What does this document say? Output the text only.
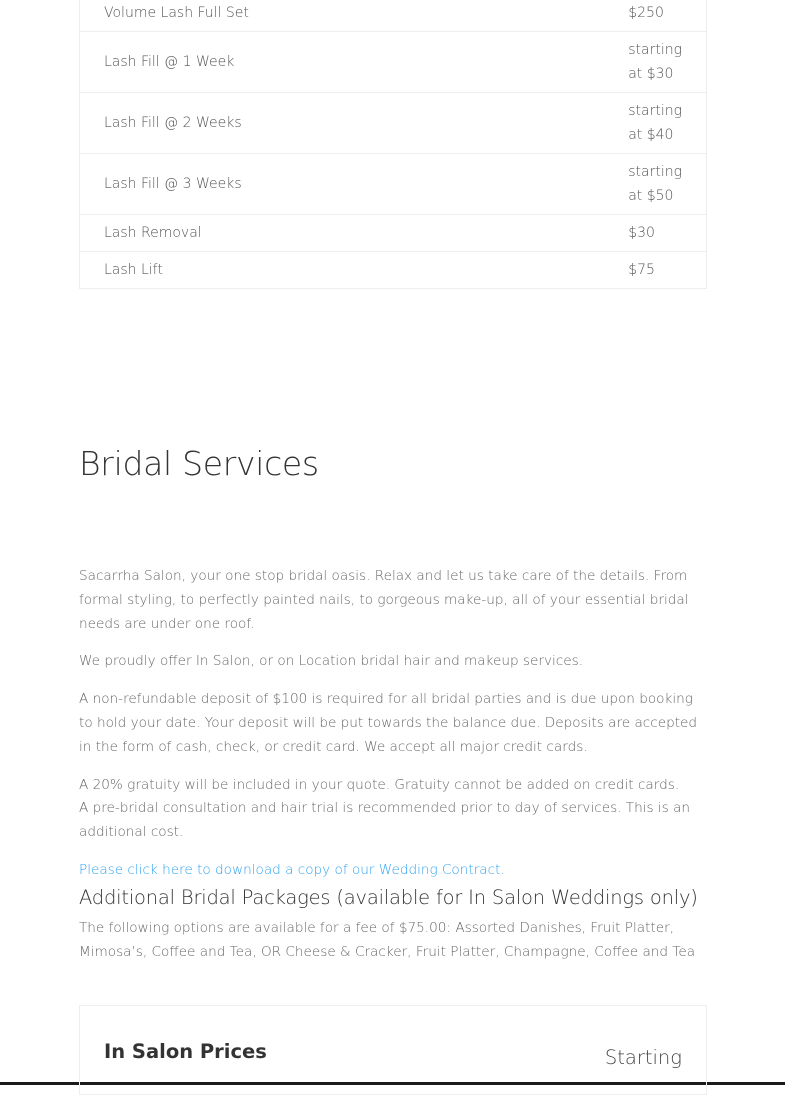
Volume Lash Full Set	$250
Lash Fill @ 1 Week	starting at $30
Lash Fill @ 2 Weeks	starting at $40
Lash Fill @ 3 Weeks	starting at $50
Lash Removal	$30
Lash Lift	$75
Bridal Services

Sacarrha Salon, your one stop bridal oasis. Relax and let us take care of the details. From formal styling, to perfectly painted nails, to gorgeous make-up, all of your essential bridal needs are under one roof.

We proudly offer In Salon, or on Location bridal hair and makeup services.

A non-refundable deposit of $100 is required for all bridal parties and is due upon booking to hold your date. Your deposit will be put towards the balance due. Deposits are accepted in the form of cash, check, or credit card. We accept all major credit cards.

A 20% gratuity will be included in your quote. Gratuity cannot be added on credit cards.

A pre-bridal consultation and hair trial is recommended prior to day of services. This is an additional cost.

Please click here to download a copy of our Wedding Contract.

Additional Bridal Packages (available for In Salon Weddings only)

The following options are available for a fee of $75.00: Assorted Danishes, Fruit Platter, Mimosa’s, Coffee and Tea, OR Cheese & Cracker, Fruit Platter, Champagne, Coffee and Tea

In Salon Prices	Starting
